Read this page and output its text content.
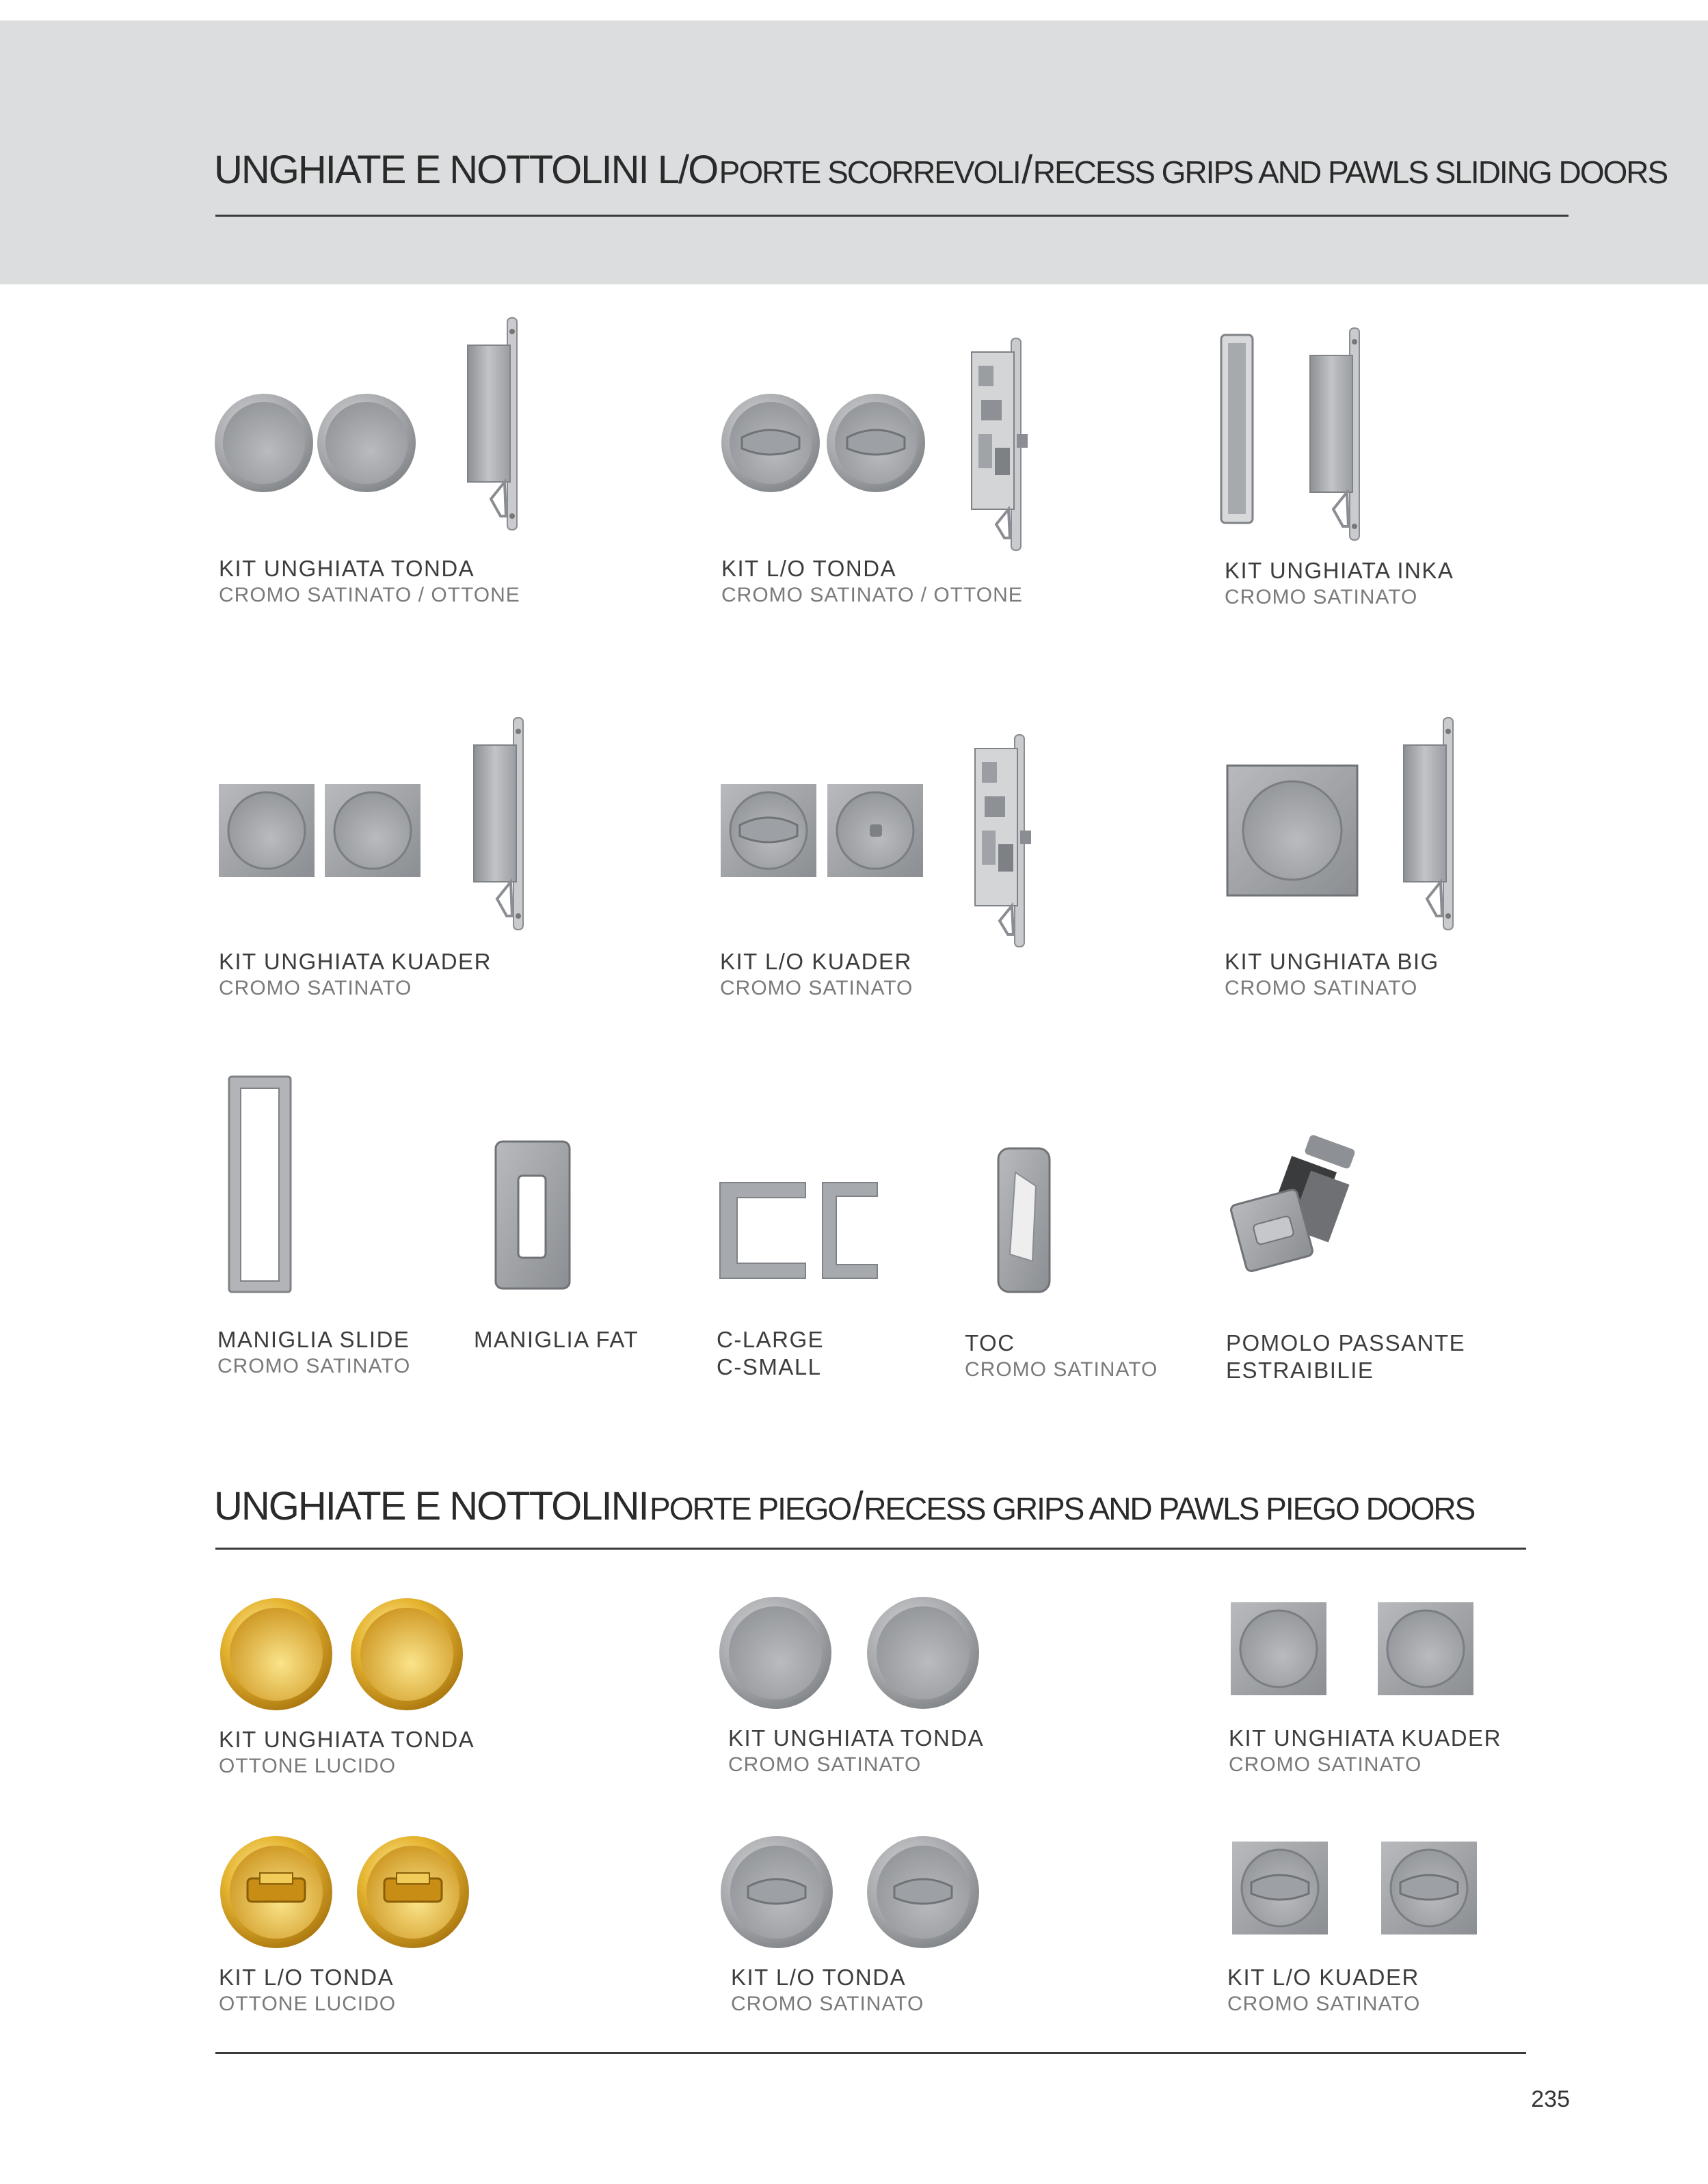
UNGHIATE E NOTTOLINI L/O PORTE SCORREVOLI / RECESS GRIPS AND PAWLS SLIDING DOORS
KIT UNGHIATA TONDA
CROMO SATINATO / OTTONE
KIT L/O TONDA
CROMO SATINATO / OTTONE
KIT UNGHIATA INKA
CROMO SATINATO
KIT UNGHIATA KUADER
CROMO SATINATO
KIT L/O KUADER
CROMO SATINATO
KIT UNGHIATA BIG
CROMO SATINATO
MANIGLIA SLIDE
CROMO SATINATO
MANIGLIA FAT	C-LARGE
C-SMALL
TOC
CROMO SATINATO
POMOLO PASSANTE
ESTRAIBILIE
UNGHIATE E NOTTOLINI PORTE PIEGO / RECESS GRIPS AND PAWLS PIEGO DOORS
KIT UNGHIATA TONDA
OTTONE LUCIDO
KIT UNGHIATA TONDA
CROMO SATINATO
KIT UNGHIATA KUADER
CROMO SATINATO
KIT L/O TONDA
OTTONE LUCIDO
KIT L/O TONDA
CROMO SATINATO
KIT L/O KUADER
CROMO SATINATO
235
